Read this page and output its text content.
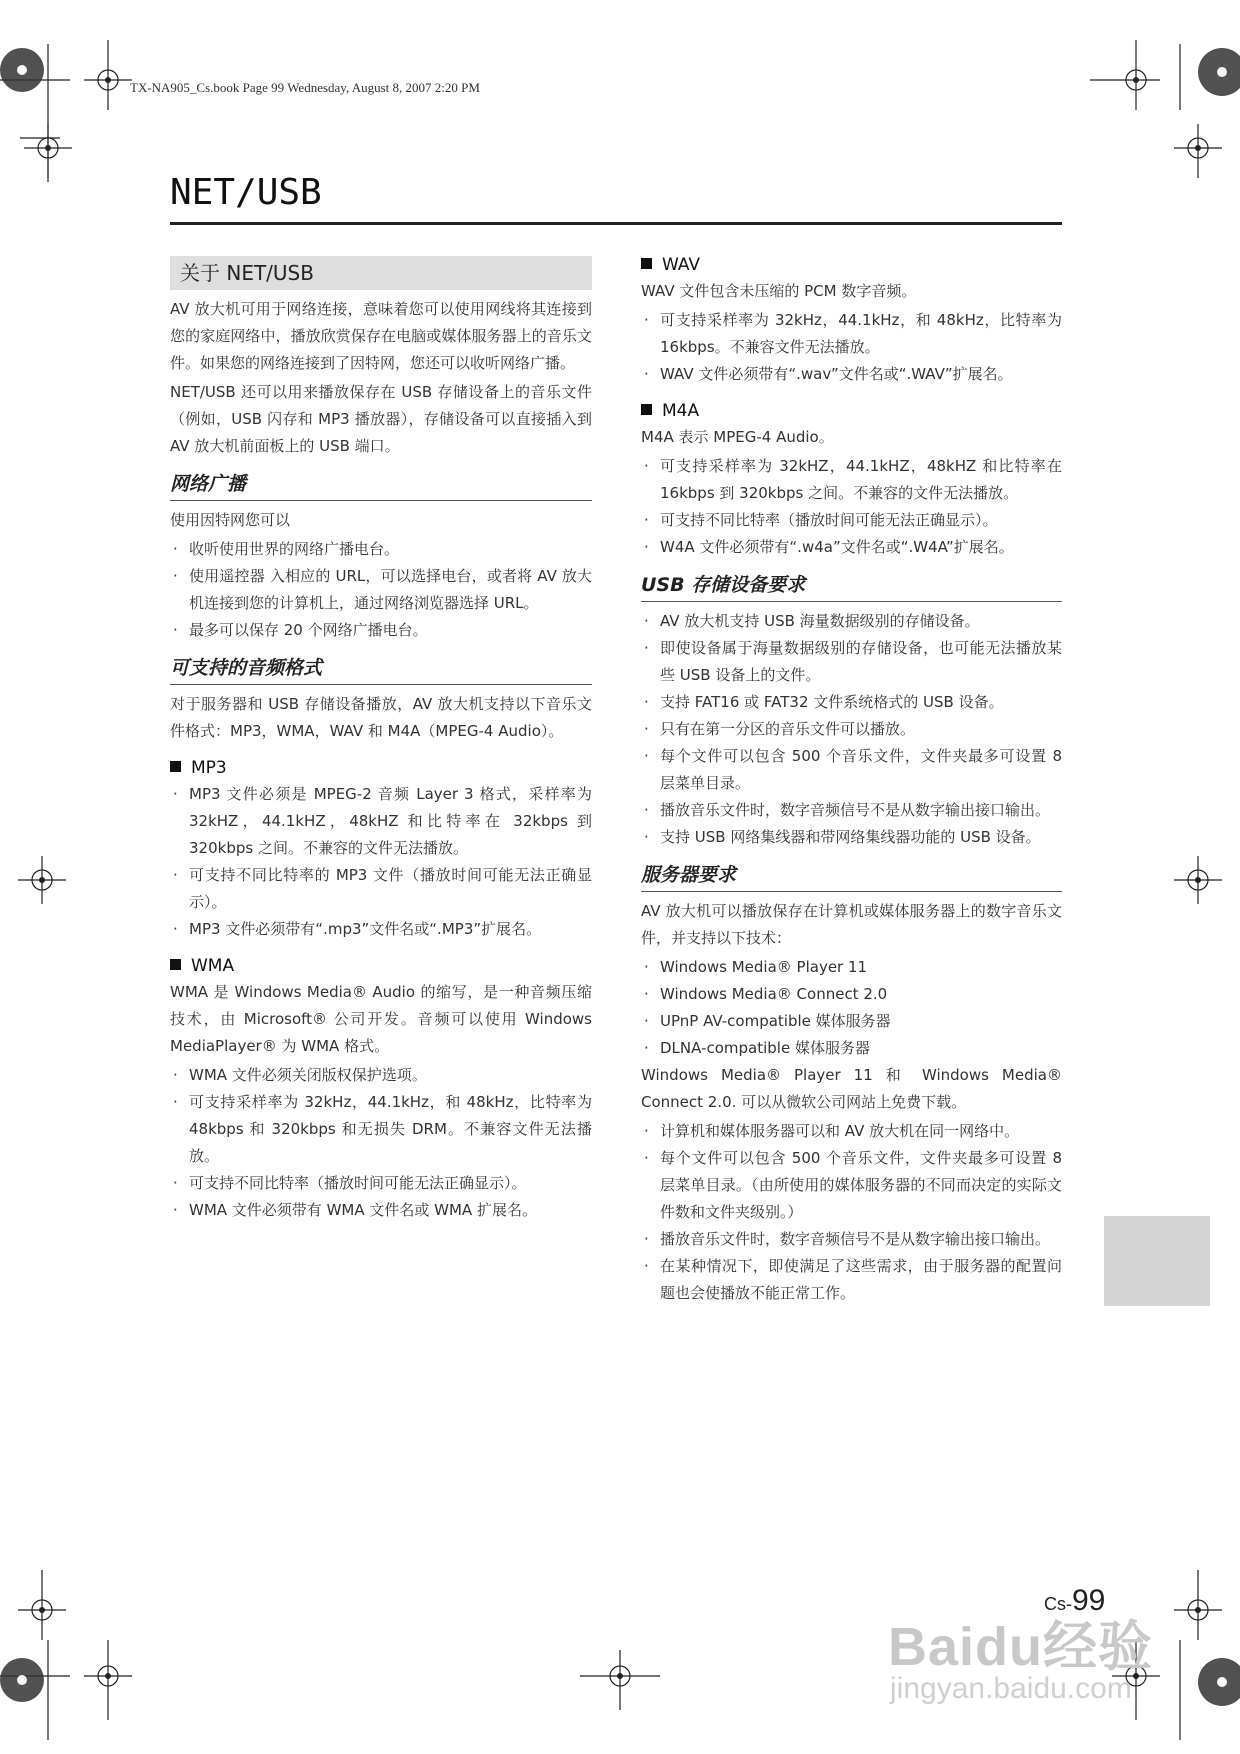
TX-NA905_Cs.book Page 99 Wednesday, August 8, 2007 2:20 PM
NET/USB
关于 NET/USB

AV 放大机可用于网络连接，意味着您可以使用网线将其连接到您的家庭网络中，播放欣赏保存在电脑或媒体服务器上的音乐文件。如果您的网络连接到了因特网，您还可以收听网络广播。

NET/USB 还可以用来播放保存在 USB 存储设备上的音乐文件（例如，USB 闪存和 MP3 播放器），存储设备可以直接插入到 AV 放大机前面板上的 USB 端口。

网络广播

使用因特网您可以

· 收听使用世界的网络广播电台。
· 使用遥控器 入相应的 URL，可以选择电台，或者将 AV 放大机连接到您的计算机上，通过网络浏览器选择 URL。
· 最多可以保存 20 个网络广播电台。
可支持的音频格式

对于服务器和 USB 存储设备播放，AV 放大机支持以下音乐文件格式：MP3，WMA，WAV 和 M4A（MPEG-4 Audio）。

MP3
· MP3 文件必须是 MPEG-2 音频 Layer 3 格式，采样率为 32kHZ，44.1kHZ，48kHZ 和比特率在 32kbps 到 320kbps 之间。不兼容的文件无法播放。
· 可支持不同比特率的 MP3 文件（播放时间可能无法正确显示）。
· MP3 文件必须带有“.mp3”文件名或“.MP3”扩展名。
WMA

WMA 是 Windows Media® Audio 的缩写，是一种音频压缩技术，由 Microsoft® 公司开发。音频可以使用 Windows MediaPlayer® 为 WMA 格式。

· WMA 文件必须关闭版权保护选项。
· 可支持采样率为 32kHz，44.1kHz，和 48kHz，比特率为 48kbps 和 320kbps 和无损失 DRM。不兼容文件无法播放。
· 可支持不同比特率（播放时间可能无法正确显示）。
· WMA 文件必须带有 WMA 文件名或 WMA 扩展名。
WAV

WAV 文件包含未压缩的 PCM 数字音频。

· 可支持采样率为 32kHz，44.1kHz，和 48kHz，比特率为 16kbps。不兼容文件无法播放。
· WAV 文件必须带有“.wav”文件名或“.WAV”扩展名。
M4A

M4A 表示 MPEG-4 Audio。

· 可支持采样率为 32kHZ，44.1kHZ，48kHZ 和比特率在 16kbps 到 320kbps 之间。不兼容的文件无法播放。
· 可支持不同比特率（播放时间可能无法正确显示）。
· W4A 文件必须带有“.w4a”文件名或“.W4A”扩展名。
USB 存储设备要求
· AV 放大机支持 USB 海量数据级别的存储设备。
· 即使设备属于海量数据级别的存储设备，也可能无法播放某些 USB 设备上的文件。
· 支持 FAT16 或 FAT32 文件系统格式的 USB 设备。
· 只有在第一分区的音乐文件可以播放。
· 每个文件可以包含 500 个音乐文件，文件夹最多可设置 8 层菜单目录。
· 播放音乐文件时，数字音频信号不是从数字输出接口输出。
· 支持 USB 网络集线器和带网络集线器功能的 USB 设备。
服务器要求

AV 放大机可以播放保存在计算机或媒体服务器上的数字音乐文件，并支持以下技术：

· Windows Media® Player 11
· Windows Media® Connect 2.0
· UPnP AV-compatible 媒体服务器
· DLNA-compatible 媒体服务器

Windows Media® Player 11 和 Windows Media® Connect 2.0. 可以从微软公司网站上免费下载。

· 计算机和媒体服务器可以和 AV 放大机在同一网络中。
· 每个文件可以包含 500 个音乐文件，文件夹最多可设置 8 层菜单目录。（由所使用的媒体服务器的不同而决定的实际文件数和文件夹级别。）
· 播放音乐文件时，数字音频信号不是从数字输出接口输出。
· 在某种情况下，即使满足了这些需求，由于服务器的配置问题也会使播放不能正常工作。
Cs-99
Baidu经验
jingyan.baidu.com
